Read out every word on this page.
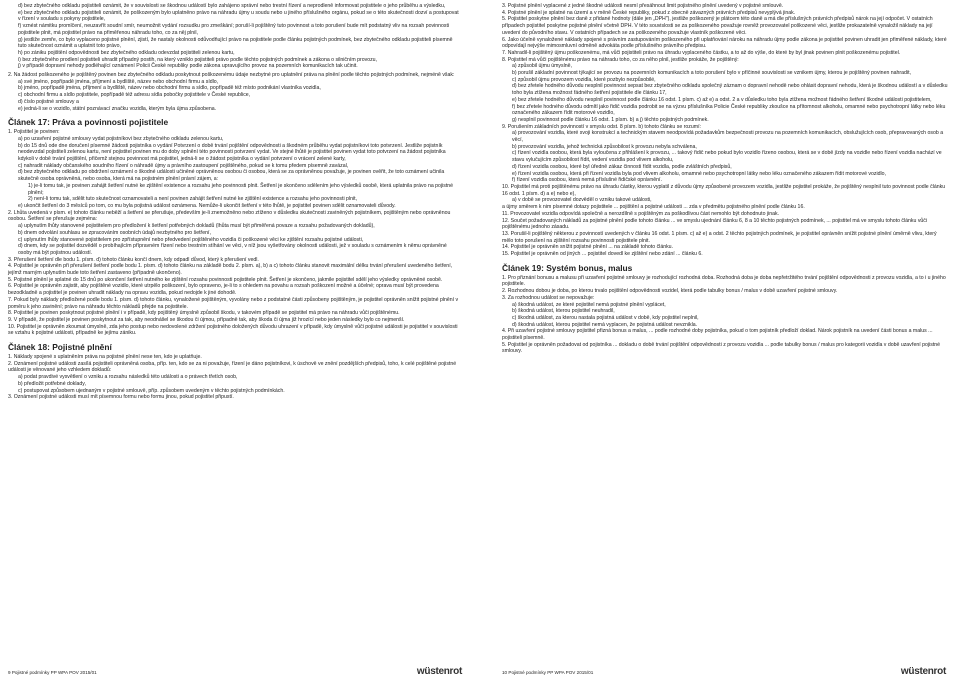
d) bez zbytečného odkladu pojistiteli oznámit, že v souvislosti se škodnou událostí bylo zahájeno správní nebo trestní řízení a neprodleně informovat pojistitele o jeho průběhu a výsledku,

e) bez zbytečného odkladu pojistiteli oznámit, že poškozeným bylo uplatněno právo na náhradu újmy u soudu nebo u jiného příslušného orgánu, pokud se o této skutečnosti dozví a postupovat v řízení v souladu s pokyny pojistitele,

f) vznést námitku promlčení, neuzavřít soudní smír, neumožnit vydání rozsudku pro zmeškání; poruší-li pojištěný tuto povinnost a toto porušení bude mít podstatný vliv na rozsah povinnosti pojistitele plnit, má pojistitel právo na přiměřenou náhradu toho, co za něj plnil,

g) jestliže zemře, co bylo vyplaceno pojistné plnění, zjistí, že nastaly okolnosti odůvodňující právo na pojistitele podle článku pojistných podmínek, bez zbytečného odkladu pojistiteli písemně tuto skutečnost oznámit a uplatnit toto právo,

h) po zániku pojištění odpovědnosti bez zbytečného odkladu odevzdat pojistiteli zelenou kartu,

i) bez zbytečného prodlení pojistiteli uhradit případný postih, na který vzniklo pojistiteli právo podle těchto pojistných podmínek a zákona o silničním provozu,

j) v případě dopravní nehody podléhající oznámení Policii České republiky podle zákona upravujícího provoz na pozemních komunikacích tak učinit.

2. Na žádost poškozeného je pojištěný povinen bez zbytečného odkladu poskytnout poškozenému údaje nezbytné pro uplatnění práva na plnění podle těchto pojistných podmínek, nejméně však:

a) své jméno, popřípadě jména, příjmení a bydliště, název nebo obchodní firmu a sídlo,

b) jméno, popřípadě jména, příjmení a bydliště, název nebo obchodní firmu a sídlo, popřípadě též místo podnikání vlastníka vozidla,

c) obchodní firmu a sídlo pojistitele, popřípadě též adresu sídla pobočky pojistitele v České republice,

d) číslo pojistné smlouvy a

e) jedná-li se o vozidlo, státní poznávací značku vozidla, kterým byla újma způsobena.

Článek 17: Práva a povinnosti pojistitele

1. Pojistitel je povinen:

a) po uzavření pojistné smlouvy vydat pojistníkovi bez zbytečného odkladu zelenou kartu,

b) do 15 dnů ode dne doručení písemné žádosti pojistníka o vydání Potvrzení o době trvání pojištění odpovědnosti a škodném průběhu vydat pojistníkovi toto potvrzení. Jestliže pojistník neodevzdal pojistiteli zelenou kartu, není pojistitel povinen mu do doby splnění této povinnosti potvrzení vydat. Ve stejné lhůtě je pojistitel povinen vydat toto potvrzení na žádost pojistníka kdykoli v době trvání pojištění, přičemž stejnou povinnost má pojistitel, jedná-li se o žádost pojistníka o vydání potvrzení o vrácení zelené karty,

c) nahradit náklady občanského soudního řízení o náhradě újmy a právního zastoupení pojištěného, pokud se k tomu předem písemně zavázal,

d) bez zbytečného odkladu po obdržení oznámení o škodné události učiněné oprávněnou osobou či osobou, která se za oprávněnou považuje, je povinen ověřit, že toto oznámení učinila skutečně osoba oprávněná, nebo osoba, která má na pojistném plnění právní zájem, a:

1) je-li tomu tak, je povinen zahájit šetření nutné ke zjištění existence a rozsahu jeho povinnosti plnit. Šetření je skončeno sdělením jeho výsledků osobě, která uplatnila právo na pojistné plnění;

2) není-li tomu tak, sdělit tuto skutečnost oznamovateli a není povinen zahájit šetření nutné ke zjištění existence a rozsahu jeho povinnosti plnit,

e) ukončit šetření do 3 měsíců po tom, co mu byla pojistná událost oznámena. Nemůže-li ukončit šetření v této lhůtě, je pojistitel povinen sdělit oznamovateli důvody.

2. Lhůta uvedená v písm. e) tohoto článku neběží a šetření se přerušuje, především je-li znemožněno nebo ztíženo v důsledku skutečnosti zaviněných pojistníkem, pojištěným nebo oprávněnou osobou. Šetření se přerušuje zejména:

a) uplynutím lhůty stanovené pojistitelem pro předložení k šetření potřebných dokladů (lhůta musí být přiměřená povaze a rozsahu požadovaných dokladů),

b) dnem odvolání souhlasu se zpracováním osobních údajů nezbytného pro šetření,

c) uplynutím lhůty stanovené pojistitelem pro zpřístupnění nebo předvedení pojištěného vozidla či poškozené věci ke zjištění rozsahu pojistné události,

d) dnem, kdy se pojistitel dozvěděl o probíhajícím přípravném řízení nebo trestním stíhání ve věci, v níž jsou vyšetřovány okolnosti události, jež v souladu s oznámením k němu oprávněné osoby má být pojistnou událostí.

3. Přerušení šetření dle bodu 1. písm. d) tohoto článku končí dnem, kdy odpadl důvod, který k přerušení vedl.

4. Pojistitel je oprávněn při přerušení šetření podle bodu 1. písm. d) tohoto článku na základě bodu 2. písm. a), b) a c) tohoto článku stanovit maximální délku trvání přerušení uvedeného šetření, jejímž marným uplynutím bude toto šetření zastaveno (případně ukončeno).

5. Pojistné plnění je splatné do 15 dnů po ukončení šetření nutného ke zjištění rozsahu povinnosti pojistitele plnit. Šetření je skončeno, jakmile pojistitel sdělí jeho výsledky oprávněné osobě.

6. Pojistitel je oprávněn zajistit, aby pojištěné vozidlo, které utrpělo poškození, bylo opraveno, je-li to s ohledem na povahu a rozsah poškození možné a účelné; oprava musí být provedena bezodkladně a pojistitel je povinen uhradit náklady na opravu vozidla, pokud nedojde k jiné dohodě.

7. Pokud byly náklady předložené podle bodu 1. písm. d) tohoto článku, vynaložené pojištěným, vyvolány nebo z podstatné části způsobeny pojištěným, je pojistitel oprávněn snížit pojistné plnění v poměru k jeho zavinění; právo na náhradu těchto nákladů přejde na pojistitele.

8. Pojistitel je povinen poskytnout pojistné plnění i v případě, kdy pojištěný úmyslně způsobil škodu, v takovém případě se pojistitel má právo na náhradu vůči pojištěnému.

9. V případě, že pojistitel je povinen poskytnout za tak, aby neodnášel se škodou či újmou, případně tak, aby škoda či újma již hrozící nebo jeden následky bylo co nejmenší.

10. Pojistitel je oprávněn zkoumat úmyslně, zda jeho postup nebo nedovolené zdržení pojistného doložených důvodu uhrazení v případě, kdy úmyslně vůči pojistné události je pojistitel v souvislosti se vztahu k pojistné události, případně ke jejímu zániku.

Článek 18: Pojistné plnění

1. Náklady spojené s uplatněním práva na pojistné plnění nese ten, kdo je uplatňuje.

2. Oznámení pojistné události zasílá pojistiteli oprávněná osoba, příp. ten, kdo se za ni považuje, řízení je dáno pojistníkovi, k úschově ve znění pozdějších předpisů, toho, k celé pojištěné pojistné události je věnované jeho vzhledem dokladů:

a) podat pravdivé vysvětlení o vzniku a rozsahu následků této události a o právech třetích osob,

b) předložit potřebné doklady,

c) postupovat způsobem ujednaným v pojistné smlouvě, příp. způsobem uvedeným v těchto pojistných podmínkách.

3. Oznámení pojistné události musí mít písemnou formu nebo formu jinou, pokud pojistitel připustí.

9 Pojistné podmínky PP WPA POV 2015/01	wüstenrot

3. Pojistné plnění vyplacené z jedné škodné události nesmí přesáhnout limit pojistného plnění uvedený v pojistné smlouvě.

4. Pojistné plnění je splatné na území a v měně České republiky, pokud z obecně závazných právních předpisů nevyplývá jinak.

5. Pojistitel poskytne plnění bez daně z přidané hodnoty (dále jen „DPH"), jestliže poškozený je plátcem této daně a má dle příslušných právních předpisů nárok na její odpočet. V ostatních případech pojistitel poskytne pojistné plnění včetně DPH. V této souvislosti se za poškozeného považuje rovněž provozovatel poškozené věci, jestliže prokazatelně vynaložil náklady na její uvedení do původního stavu. V ostatních případech se za poškozeného považuje vlastník poškozené věci.

6. Jako účelně vynaložené náklady spojené s právním zastupováním poškozeného při uplatňování nároku na náhradu újmy podle zákona je pojistitel povinen uhradit jen přiměřené náklady, které odpovídají nejvýše mimosmluvní odměně advokáta podle příslušného právního předpisu.

7. Nahradil-li pojištěný újmu poškozenému, má vůči pojistiteli právo na úhradu vyplaceného částku, a to až do výše, do které by byl jinak povinen plnit poškozenému pojistitel.

8. Pojistitel má vůči pojištěnému právo na náhradu toho, co za něho plnil, jestliže prokáže, že pojištěný:

a) způsobil újmu úmyslně,

b) porušil základní povinnost týkající se provozu na pozemních komunikacích a toto porušení bylo v příčinné souvislosti se vznikem újmy, kterou je pojištěný povinen nahradit,

c) způsobil újmu provozem vozidla, které pozbylo nezpůsobilé,

d) bez zřetele hodného důvodu nesplnil povinnost sepsat bez zbytečného odkladu společný záznam o dopravní nehodě nebo ohlásit dopravní nehodu, která je škodnou událostí a v důsledku toho byla ztížena možnost řádného šetření pojistitele dle článku 17,

e) bez zřetele hodného důvodu nesplnil povinnost podle článku 16 odst. 1 písm. c) až e) a odst. 2 a v důsledku toho byla ztížena možnost řádného šetření škodné události pojistitelem,

f) bez zřetele hodného důvodu odmítl jako řidič vozidla podrobit se na výzvu příslušníka Policie České republiky zkoušce na přítomnost alkoholu, omamné nebo psychotropní látky nebo léku označeného zákazem řídit motorové vozidlo,

g) nesplnil povinnost podle článku 16 odst. 1 písm. b) a j) těchto pojistných podmínek.

9. Porušením základních povinností v smyslu odst. 8 písm. b) tohoto článku se rozumí:

a) provozování vozidla, které svoji konstrukcí a technickým stavem neodpovídá požadavkům bezpečnosti provozu na pozemních komunikacích, obslužujících osob, přepravovaných osob a věcí,

b) provozování vozidla, jehož technická způsobilost k provozu nebyla schválena,

c) řízení vozidla osobou, která byla vyloučena z přihlášení k provozu, ... takový řidič nebo pokud bylo vozidlo řízeno osobou, která se v době jízdy na vozidle nebo řízení vozidla nachází ve stavu vylučujícím způsobilost řídit, vedení vozidla pod vlivem alkoholu,

d) řízení vozidla osobou, které byl úředně zákaz činnosti řídit vozidla, podle zvláštních předpisů,

e) řízení vozidla osobou, která při řízení vozidla byla pod vlivem alkoholu, omamné nebo psychotropní látky nebo léku označeného zákazem řídit motorové vozidlo,

f) řízení vozidla osobou, která nemá příslušné řidičské oprávnění.

10. Pojistitel má proti pojištěnému právo na úhradu částky, kterou vyplatil z důvodu újmy způsobené provozem vozidla, jestliže pojistitel prokáže, že pojištěný nesplnil tuto povinnost podle článku 16 odst. 1 písm. d) a e) nebo e),

a) v době se provozovatel dozvěděl o vzniku takové události,

a újmy směrem k nim písemné dotazy pojistitele ... pojištění a pojistné události ... zda v předmětu pojistného plnění podle článku 16.

11. Provozovatel vozidla odpovídá společně a nerozdílně s pojištěným za poškodlivou část nemohlo být dohodnuto jinak.

12. Součet požadovaných nákladů za pojistné plnění podle tohoto článku ... ve smyslu ujednání článku 6, 8 a 10 těchto pojistných podmínek, ... pojistitel má ve smyslu tohoto článku vůči pojištěnému jednoho zásadu.

13. Porušil-li pojištěný některou z povinností uvedených v článku 16 odst. 1 písm. c) až e) a odst. 2 těchto pojistných podmínek, je pojistitel oprávněn snížit pojistné plnění úměrně vlivu, který mělo toto porušení na zjištění rozsahu povinnosti pojistitele plnit.

14. Pojistitel je oprávněn snížit pojistné plnění ... na základě tohoto článku.

15. Pojistitel je oprávněn od jiných ... pojistitel dovedl ke zjištění nebo zdání ... článku 6.

Článek 19: Systém bonus, malus

1. Pro přiznání bonusu a malusu při uzavření pojistné smlouvy je rozhodující rozhodná doba. Rozhodná doba je doba nepřetržitého trvání pojištění odpovědnosti z provozu vozidla, a to i u jiného pojistitele.

2. Rozhodnou dobou je doba, po kterou trvalo pojištění odpovědnosti vozidel, která podle tabulky bonus / malus v době uzavření pojistné smlouvy.

3. Za rozhodnou událost se nepovažuje:

a) škodná událost, ze které pojistitel nemá pojistné plnění vyplácet,

b) škodná událost, kterou pojistitel neuhradil,

c) škodná událost, za kterou nastala pojistná událost v době, kdy pojistitel neplnil,

d) škodná událost, kterou pojistitel nemá vyplacen, že pojistná událost nevznikla.

4. Při uzavření pojistné smlouvy pojistitel přizná bonus a malus, ... podle rozhodné doby pojistníka, pokud o tom pojistník předloží doklad. Nárok pojistník na uvedení části bonus a malus ... pojistiteli písemně.

5. Pojistitel je oprávněn požadovat od pojistníka ... dokladu o době trvání pojištění odpovědnosti z provozu vozidla ... podle tabulky bonus / malus pro kategorii vozidla v době uzavření pojistné smlouvy.

10 Pojistné podmínky PP WPA POV 2015/01	wüstenrot
